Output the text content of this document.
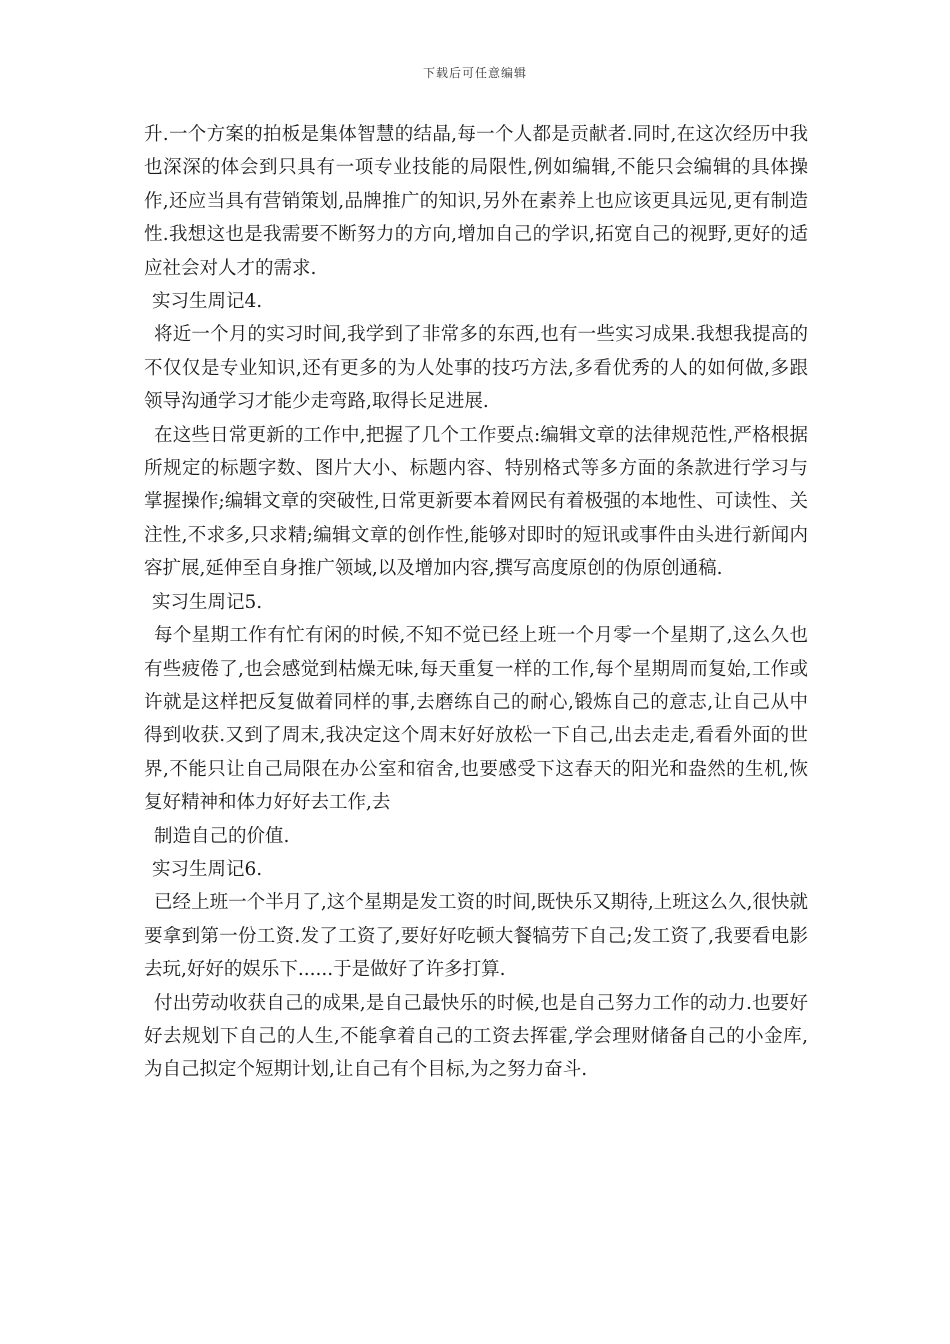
下载后可任意编辑

升.一个方案的拍板是集体智慧的结晶,每一个人都是贡献者.同时,在这次经历中我也深深的体会到只具有一项专业技能的局限性,例如编辑,不能只会编辑的具体操作,还应当具有营销策划,品牌推广的知识,另外在素养上也应该更具远见,更有制造性.我想这也是我需要不断努力的方向,增加自己的学识,拓宽自己的视野,更好的适应社会对人才的需求.

实习生周记4.

将近一个月的实习时间,我学到了非常多的东西,也有一些实习成果.我想我提高的不仅仅是专业知识,还有更多的为人处事的技巧方法,多看优秀的人的如何做,多跟领导沟通学习才能少走弯路,取得长足进展.

在这些日常更新的工作中,把握了几个工作要点:编辑文章的法律规范性,严格根据所规定的标题字数、图片大小、标题内容、特别格式等多方面的条款进行学习与掌握操作;编辑文章的突破性,日常更新要本着网民有着极强的本地性、可读性、关注性,不求多,只求精;编辑文章的创作性,能够对即时的短讯或事件由头进行新闻内容扩展,延伸至自身推广领域,以及增加内容,撰写高度原创的伪原创通稿.

实习生周记5.

每个星期工作有忙有闲的时候,不知不觉已经上班一个月零一个星期了,这么久也有些疲倦了,也会感觉到枯燥无味,每天重复一样的工作,每个星期周而复始,工作或许就是这样把反复做着同样的事,去磨练自己的耐心,锻炼自己的意志,让自己从中得到收获.又到了周末,我决定这个周末好好放松一下自己,出去走走,看看外面的世界,不能只让自己局限在办公室和宿舍,也要感受下这春天的阳光和盎然的生机,恢复好精神和体力好好去工作,去

制造自己的价值.

实习生周记6.

已经上班一个半月了,这个星期是发工资的时间,既快乐又期待,上班这么久,很快就要拿到第一份工资.发了工资了,要好好吃顿大餐犒劳下自己;发工资了,我要看电影去玩,好好的娱乐下......于是做好了许多打算.

付出劳动收获自己的成果,是自己最快乐的时候,也是自己努力工作的动力.也要好好去规划下自己的人生,不能拿着自己的工资去挥霍,学会理财储备自己的小金库,为自己拟定个短期计划,让自己有个目标,为之努力奋斗.
